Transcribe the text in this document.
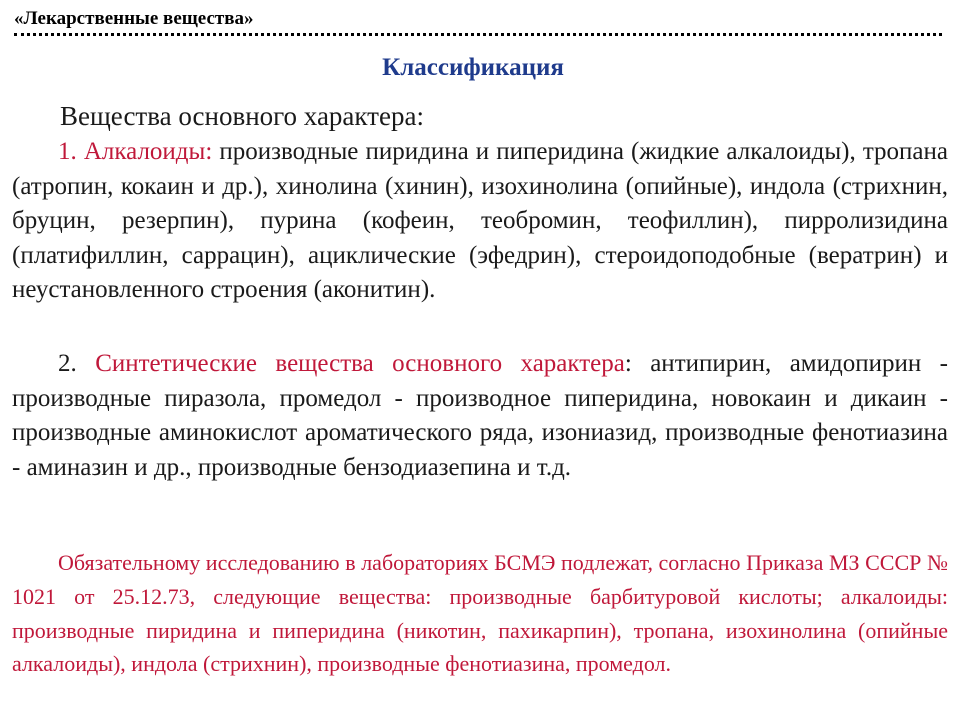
«Лекарственные вещества»
Классификация
Вещества основного характера:
1. Алкалоиды: производные пиридина и пиперидина (жидкие алкалоиды), тропана (атропин, кокаин и др.), хинолина (хинин), изохинолина (опийные), индола (стрихнин, бруцин, резерпин), пурина (кофеин, теобромин, теофиллин), пирролизидина (платифиллин, саррацин), ациклические (эфедрин), стероидоподобные (вератрин) и неустановленного строения (аконитин).
2. Синтетические вещества основного характера: антипирин, амидопирин - производные пиразола, промедол - производное пиперидина, новокаин и дикаин - производные аминокислот ароматического ряда, изониазид, производные фенотиазина - аминазин и др., производные бензодиазепина и т.д.
Обязательному исследованию в лабораториях БСМЭ подлежат, согласно Приказа МЗ СССР № 1021 от 25.12.73, следующие вещества: производные барбитуровой кислоты; алкалоиды: производные пиридина и пиперидина (никотин, пахикарпин), тропана, изохинолина (опийные алкалоиды), индола (стрихнин), производные фенотиазина, промедол.
